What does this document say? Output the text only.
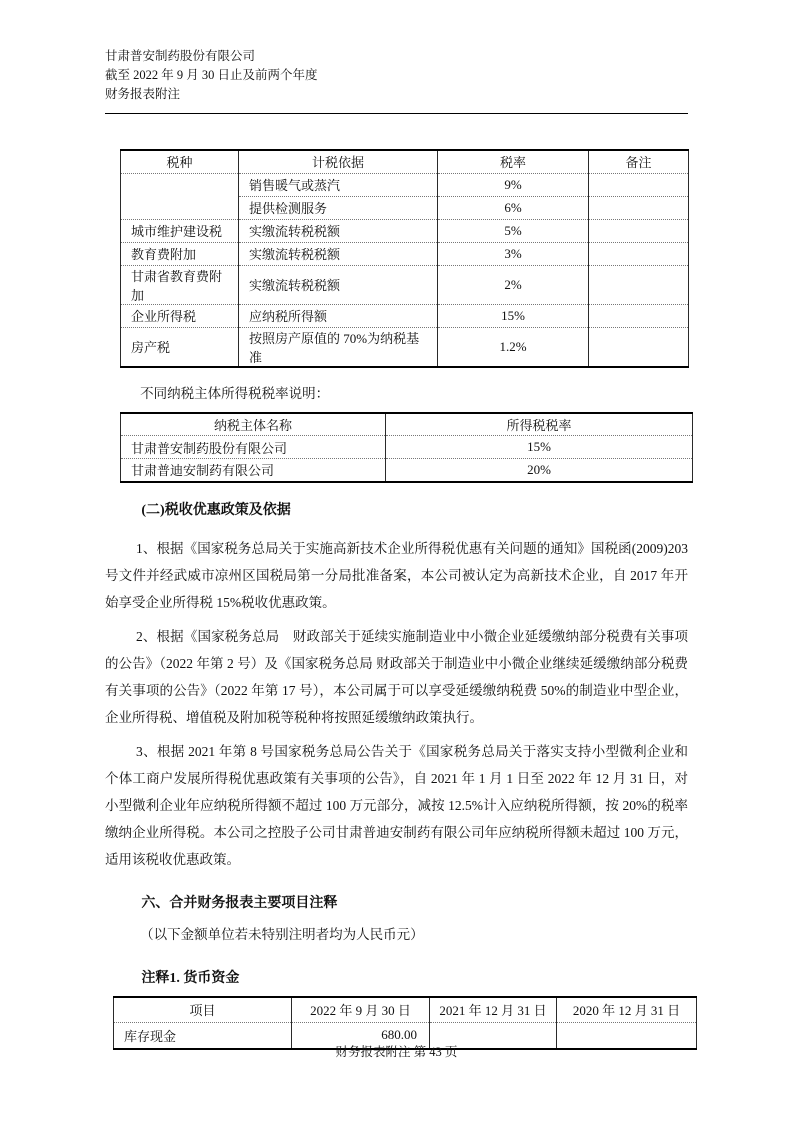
甘肃普安制药股份有限公司
截至 2022 年 9 月 30 日止及前两个年度
财务报表附注
税种	计税依据	税率	备注
	销售暖气或蒸汽	9%	
	提供检测服务	6%	
城市维护建设税	实缴流转税税额	5%	
教育费附加	实缴流转税税额	3%	
甘肃省教育费附加	实缴流转税税额	2%	
企业所得税	应纳税所得额	15%	
房产税	按照房产原值的 70%为纳税基准	1.2%	
不同纳税主体所得税税率说明：
纳税主体名称	所得税税率
甘肃普安制药股份有限公司	15%
甘肃普迪安制药有限公司	20%
(二)税收优惠政策及依据

1、根据《国家税务总局关于实施高新技术企业所得税优惠有关问题的通知》国税函(2009)203 号文件并经武威市凉州区国税局第一分局批准备案，本公司被认定为高新技术企业，自 2017 年开始享受企业所得税 15%税收优惠政策。

2、根据《国家税务总局　财政部关于延续实施制造业中小微企业延缓缴纳部分税费有关事项的公告》（2022 年第 2 号）及《国家税务总局 财政部关于制造业中小微企业继续延缓缴纳部分税费有关事项的公告》（2022 年第 17 号），本公司属于可以享受延缓缴纳税费 50%的制造业中型企业，企业所得税、增值税及附加税等税种将按照延缓缴纳政策执行。

3、根据 2021 年第 8 号国家税务总局公告关于《国家税务总局关于落实支持小型微利企业和个体工商户发展所得税优惠政策有关事项的公告》，自 2021 年 1 月 1 日至 2022 年 12 月 31 日，对小型微利企业年应纳税所得额不超过 100 万元部分，减按 12.5%计入应纳税所得额，按 20%的税率缴纳企业所得税。本公司之控股子公司甘肃普迪安制药有限公司年应纳税所得额未超过 100 万元，适用该税收优惠政策。

六、合并财务报表主要项目注释
（以下金额单位若未特别注明者均为人民币元）
注释1. 货币资金
项目	2022 年 9 月 30 日	2021 年 12 月 31 日	2020 年 12 月 31 日
库存现金	680.00		
财务报表附注 第 43 页
